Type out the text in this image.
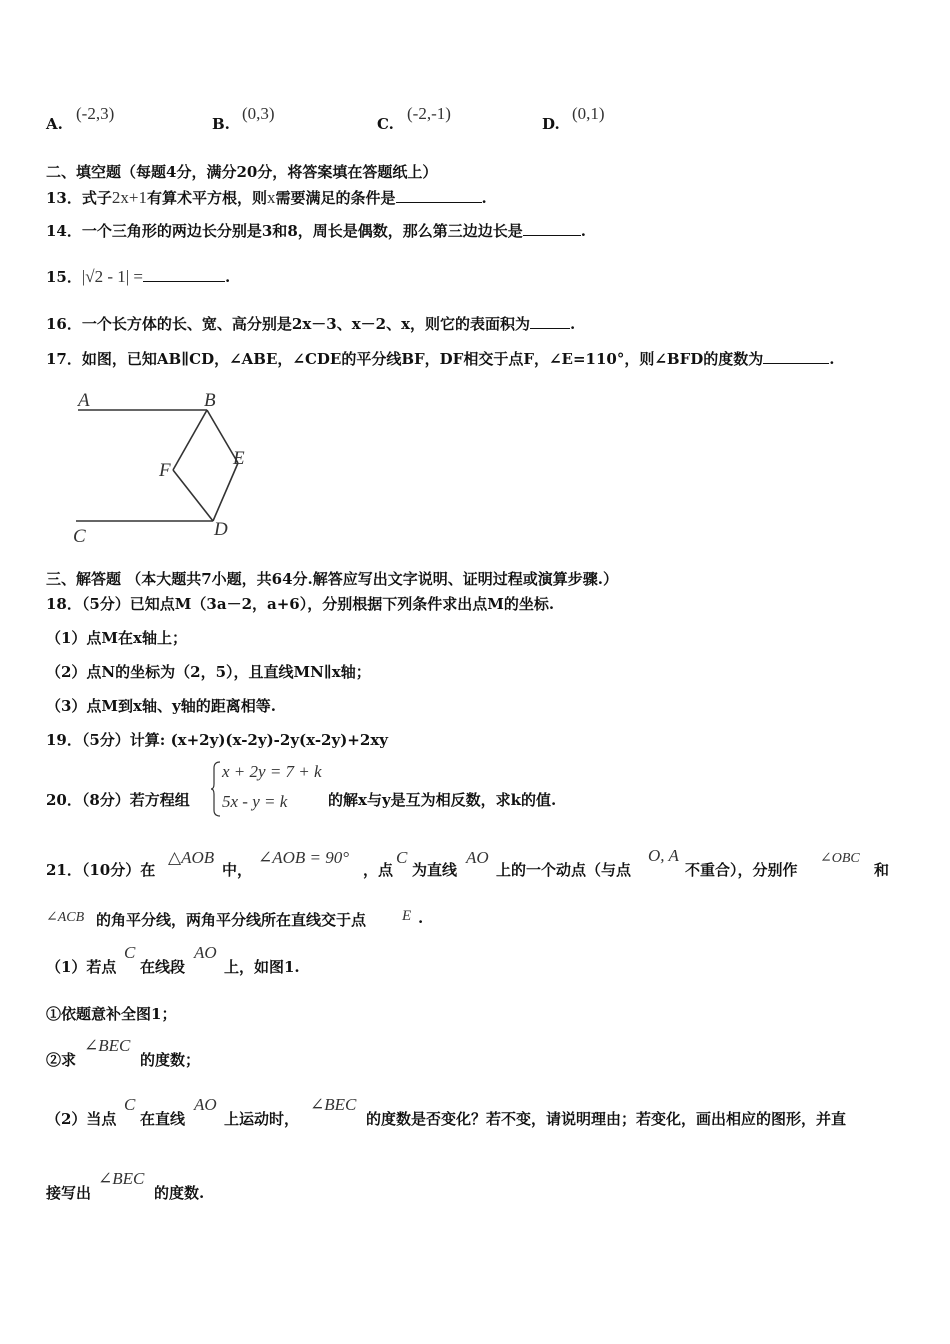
A.
(-2,3)
B.
(0,3)
C.
(-2,-1)
D.
(0,1)
二、填空题（每题4分，满分20分，将答案填在答题纸上）
13．式子2x+1有算术平方根，则x需要满足的条件是	.
14．一个三角形的两边长分别是3和8，周长是偶数，那么第三边边长是	.
15．|√2 - 1| =	.
16．一个长方体的长、宽、高分别是2x－3、x－2、x，则它的表面积为	.
17．如图，已知AB∥CD，∠ABE，∠CDE的平分线BF，DF相交于点F，∠E=110°，则∠BFD的度数为	.
A	B
E
F
C	D
三、解答题 （本大题共7小题，共64分.解答应写出文字说明、证明过程或演算步骤.）
18．（5分）已知点M（3a－2，a+6），分别根据下列条件求出点M的坐标.
（1）点M在x轴上；
（2）点N的坐标为（2，5），且直线MN∥x轴；
（3）点M到x轴、y轴的距离相等.
19．（5分）计算: (x+2y)(x-2y)-2y(x-2y)+2xy
20．（8分）若方程组
x + 2y = 7 + k
5x - y = k	的解x与y是互为相反数，求k的值.
21．（10分）在
△AOB
中，
∠AOB = 90°
，点
C
为直线
AO
上的一个动点（与点
O, A
不重合），分别作
∠OBC
和
∠ACB 的角平分线，两角平分线所在直线交于点 E .
（1）若点
C
在线段
AO
上，如图1.
①依题意补全图1；
②求
∠BEC
的度数；
（2）当点
C
在直线
AO
上运动时，
∠BEC
的度数是否变化？若不变，请说明理由；若变化，画出相应的图形，并直
接写出
∠BEC
的度数.
